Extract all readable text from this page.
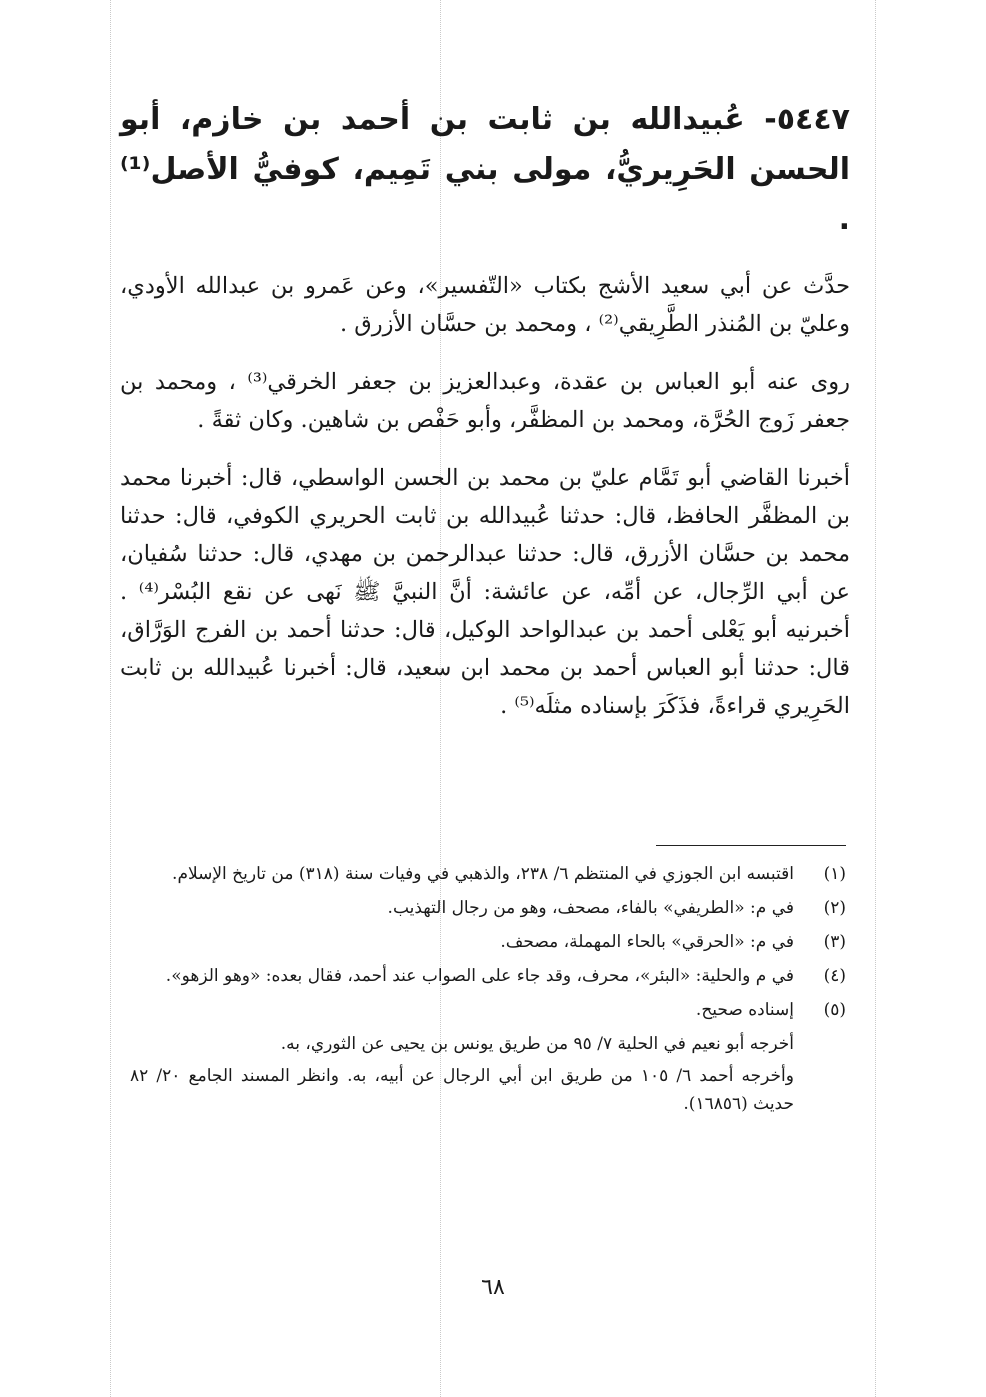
٥٤٤٧- عُبيدالله بن ثابت بن أحمد بن خازم، أبو الحسن الحَرِيريُّ، مولى بني تَمِيم، كوفيُّ الأصل⁽¹⁾ .

حدَّث عن أبي سعيد الأشج بكتاب «التّفسير»، وعن عَمرو بن عبدالله الأودي، وعليّ بن المُنذر الطَّرِيقي⁽²⁾ ، ومحمد بن حسَّان الأزرق .

روى عنه أبو العباس بن عقدة، وعبدالعزيز بن جعفر الخرقي⁽³⁾ ، ومحمد بن جعفر زَوج الحُرَّة، ومحمد بن المظفَّر، وأبو حَفْص بن شاهين. وكان ثقةً .

أخبرنا القاضي أبو تَمَّام عليّ بن محمد بن الحسن الواسطي، قال: أخبرنا محمد بن المظفَّر الحافظ، قال: حدثنا عُبيدالله بن ثابت الحريري الكوفي، قال: حدثنا محمد بن حسَّان الأزرق، قال: حدثنا عبدالرحمن بن مهدي، قال: حدثنا سُفيان، عن أبي الرِّجال، عن أمِّه، عن عائشة: أنَّ النبيَّ ﷺ نَهى عن نقع البُسْر⁽⁴⁾ . أخبرنيه أبو يَعْلى أحمد بن عبدالواحد الوكيل، قال: حدثنا أحمد بن الفرج الوَرَّاق، قال: حدثنا أبو العباس أحمد بن محمد ابن سعيد، قال: أخبرنا عُبيدالله بن ثابت الحَرِيري قراءةً، فذَكَرَ بإسناده مثلَه⁽⁵⁾ .

(١)
اقتبسه ابن الجوزي في المنتظم ٦/ ٢٣٨، والذهبي في وفيات سنة (٣١٨) من تاريخ الإسلام.
(٢)
في م: «الطريفي» بالفاء، مصحف، وهو من رجال التهذيب.
(٣)
في م: «الحرقي» بالحاء المهملة، مصحف.
(٤)
في م والحلية: «البئر»، محرف، وقد جاء على الصواب عند أحمد، فقال بعده: «وهو الزهو».
(٥)
إسناده صحيح.

أخرجه أبو نعيم في الحلية ٧/ ٩٥ من طريق يونس بن يحيى عن الثوري، به.

وأخرجه أحمد ٦/ ١٠٥ من طريق ابن أبي الرجال عن أبيه، به. وانظر المسند الجامع ٢٠/ ٨٢ حديث (١٦٨٥٦).

٦٨
